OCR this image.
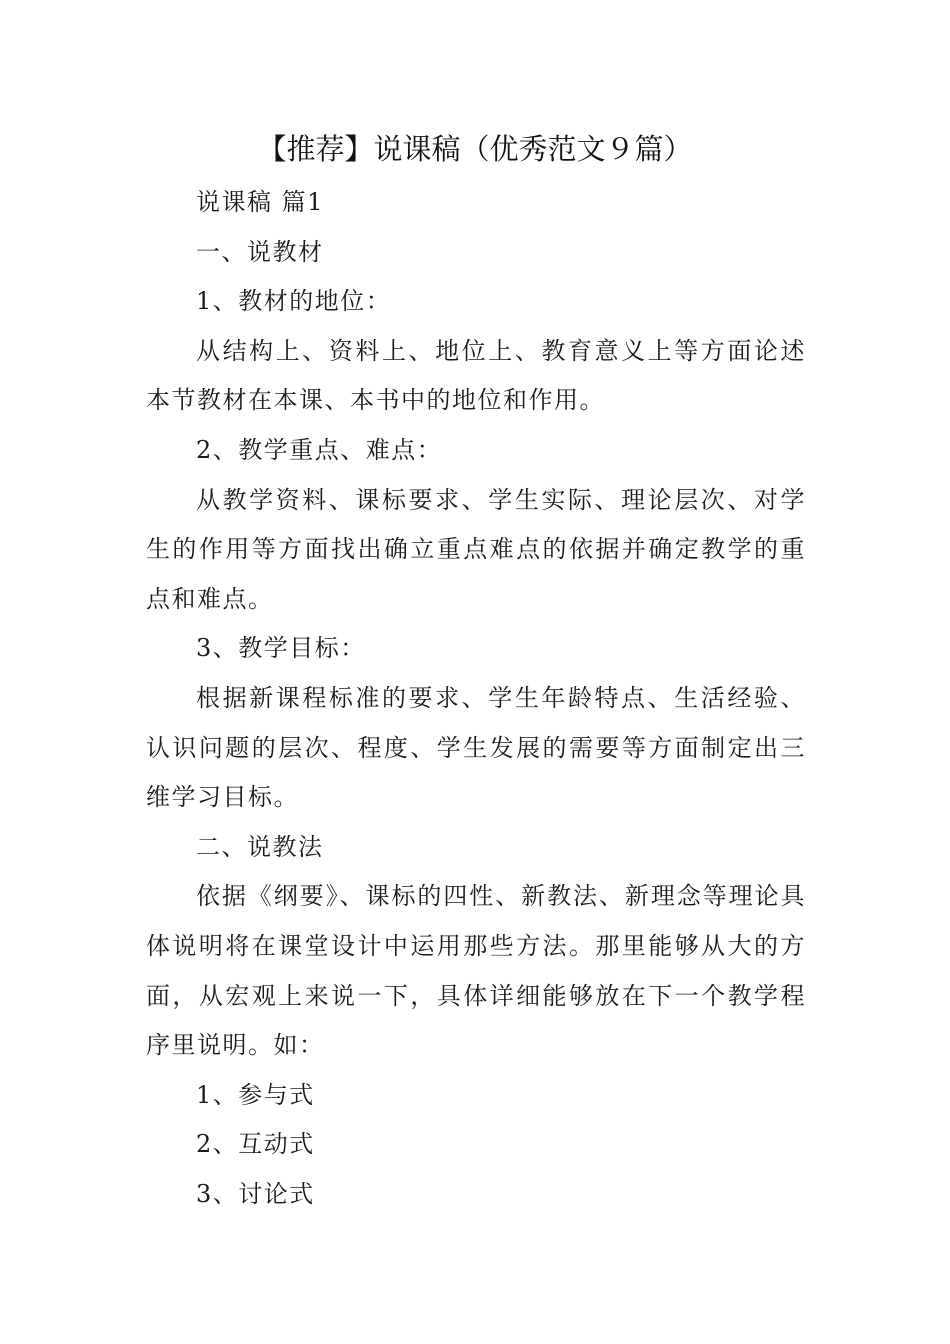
【推荐】说课稿（优秀范文９篇）

说课稿 篇1

一、说教材

1、教材的地位：

从结构上、资料上、地位上、教育意义上等方面论述本节教材在本课、本书中的地位和作用。

2、教学重点、难点：

从教学资料、课标要求、学生实际、理论层次、对学生的作用等方面找出确立重点难点的依据并确定教学的重点和难点。

3、教学目标：

根据新课程标准的要求、学生年龄特点、生活经验、认识问题的层次、程度、学生发展的需要等方面制定出三维学习目标。

二、说教法

依据《纲要》、课标的四性、新教法、新理念等理论具体说明将在课堂设计中运用那些方法。那里能够从大的方面，从宏观上来说一下，具体详细能够放在下一个教学程序里说明。如：

1、参与式

2、互动式

3、讨论式
